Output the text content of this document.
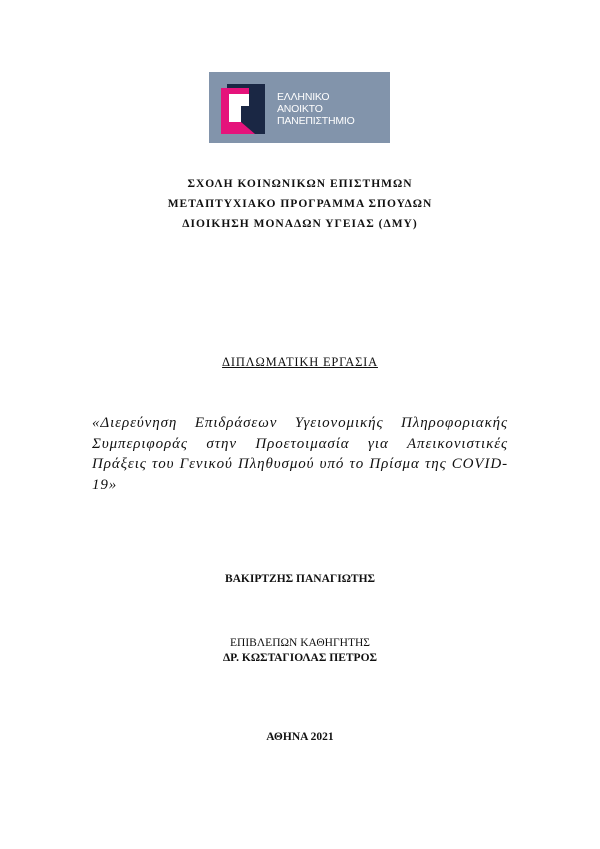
ΕΛΛΗΝΙΚΟ
ΑΝΟΙΚΤΟ
ΠΑΝΕΠΙΣΤΗΜΙΟ
ΣΧΟΛΗ ΚΟΙΝΩΝΙΚΩΝ ΕΠΙΣΤΗΜΩΝ
ΜΕΤΑΠΤΥΧΙΑΚΟ ΠΡΟΓΡΑΜΜΑ ΣΠΟΥΔΩΝ
ΔΙΟΙΚΗΣΗ ΜΟΝΑΔΩΝ ΥΓΕΙΑΣ (ΔΜΥ)
ΔΙΠΛΩΜΑΤΙΚΗ ΕΡΓΑΣΙΑ
«Διερεύνηση Επιδράσεων Υγειονομικής Πληροφοριακής Συμπεριφοράς στην Προετοιμασία για Απεικονιστικές Πράξεις του Γενικού Πληθυσμού υπό το Πρίσμα της COVID-19»
ΒΑΚΙΡΤΖΗΣ ΠΑΝΑΓΙΩΤΗΣ
ΕΠΙΒΛΕΠΩΝ ΚΑΘΗΓΗΤΗΣ
ΔΡ. ΚΩΣΤΑΓΙΟΛΑΣ ΠΕΤΡΟΣ
ΑΘΗΝΑ 2021
